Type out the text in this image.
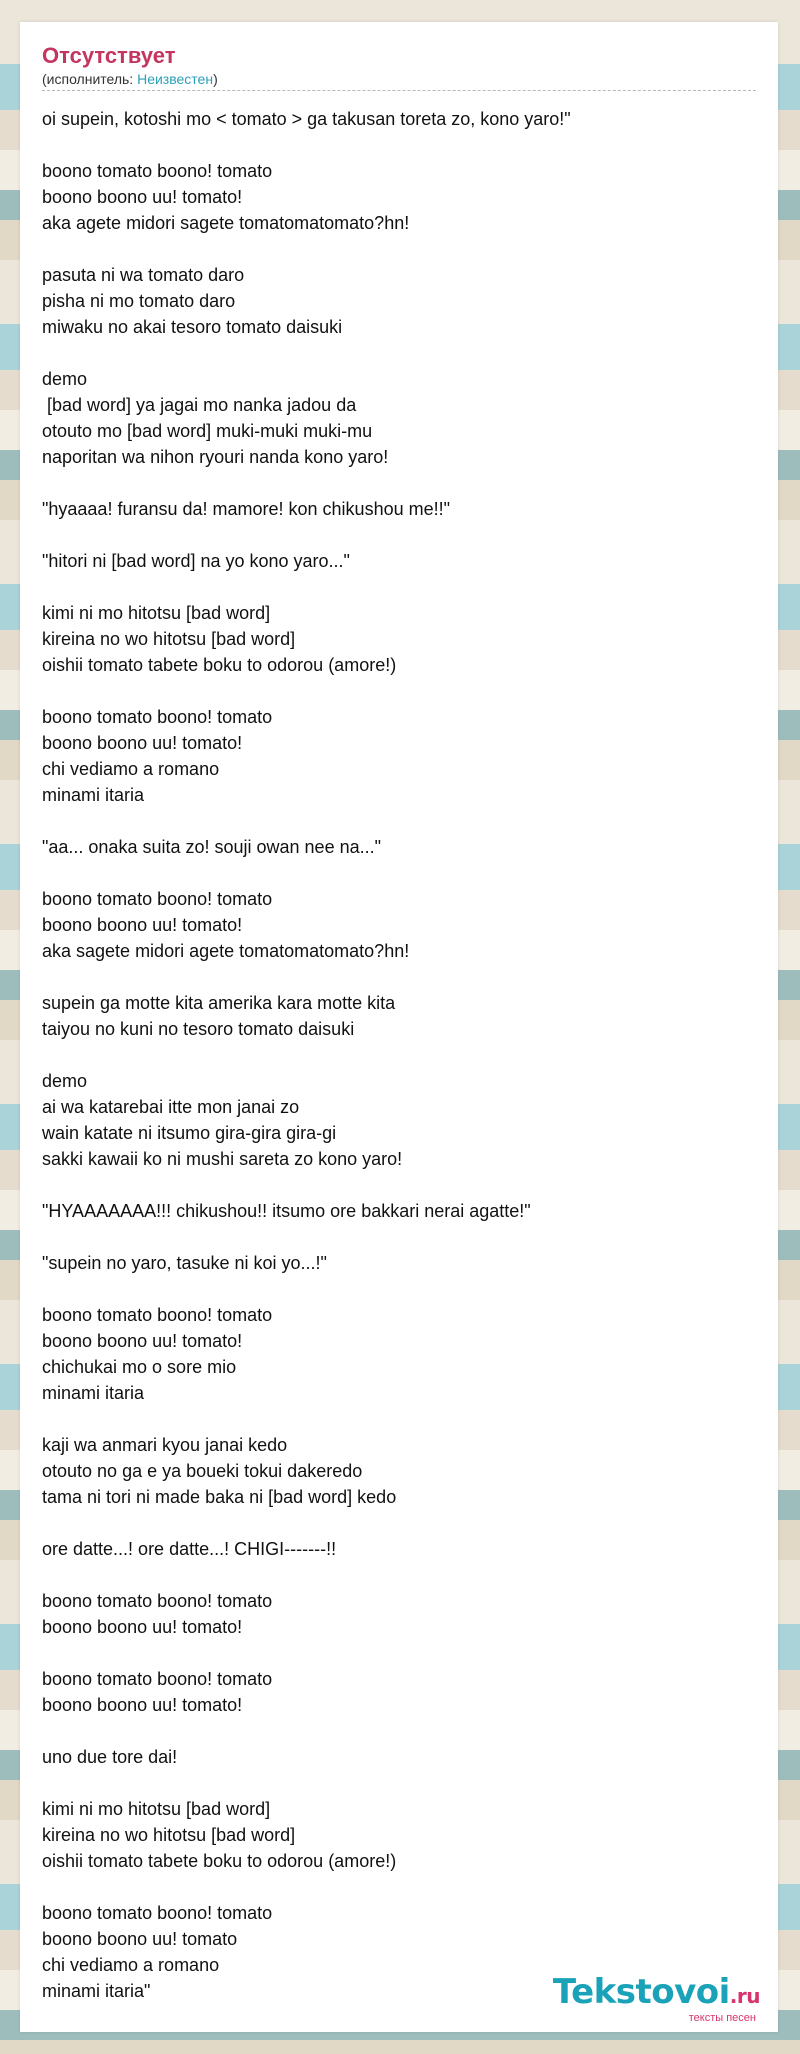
Отсутствует
(исполнитель: Неизвестен)
oi supein, kotoshi mo < tomato > ga takusan toreta zo, kono yaro!"

boono tomato boono! tomato
boono boono uu! tomato!
aka agete midori sagete tomatomatomato?hn!

pasuta ni wa tomato daro
pisha ni mo tomato daro
miwaku no akai tesoro tomato daisuki

demo
[bad word] ya jagai mo nanka jadou da
otouto mo [bad word] muki-muki muki-mu
naporitan wa nihon ryouri nanda kono yaro!

"hyaaaa! furansu da! mamore! kon chikushou me!!"

"hitori ni [bad word] na yo kono yaro..."

kimi ni mo hitotsu [bad word]
kireina no wo hitotsu [bad word]
oishii tomato tabete boku to odorou (amore!)

boono tomato boono! tomato
boono boono uu! tomato!
chi vediamo a romano
minami itaria

"aa... onaka suita zo! souji owan nee na..."

boono tomato boono! tomato
boono boono uu! tomato!
aka sagete midori agete tomatomatomato?hn!

supein ga motte kita amerika kara motte kita
taiyou no kuni no tesoro tomato daisuki

demo
ai wa katarebai itte mon janai zo
wain katate ni itsumo gira-gira gira-gi
sakki kawaii ko ni mushi sareta zo kono yaro!

"HYAAAAAAA!!! chikushou!! itsumo ore bakkari nerai agatte!"

"supein no yaro, tasuke ni koi yo...!"

boono tomato boono! tomato
boono boono uu! tomato!
chichukai mo o sore mio
minami itaria

kaji wa anmari kyou janai kedo
otouto no ga e ya boueki tokui dakeredo
tama ni tori ni made baka ni [bad word] kedo

ore datte...! ore datte...! CHIGI-------!!

boono tomato boono! tomato
boono boono uu! tomato!

boono tomato boono! tomato
boono boono uu! tomato!

uno due tore dai!

kimi ni mo hitotsu [bad word]
kireina no wo hitotsu [bad word]
oishii tomato tabete boku to odorou (amore!)

boono tomato boono! tomato
boono boono uu! tomato
chi vediamo a romano
minami itaria"	Tekstovoi.ru
тексты песен
